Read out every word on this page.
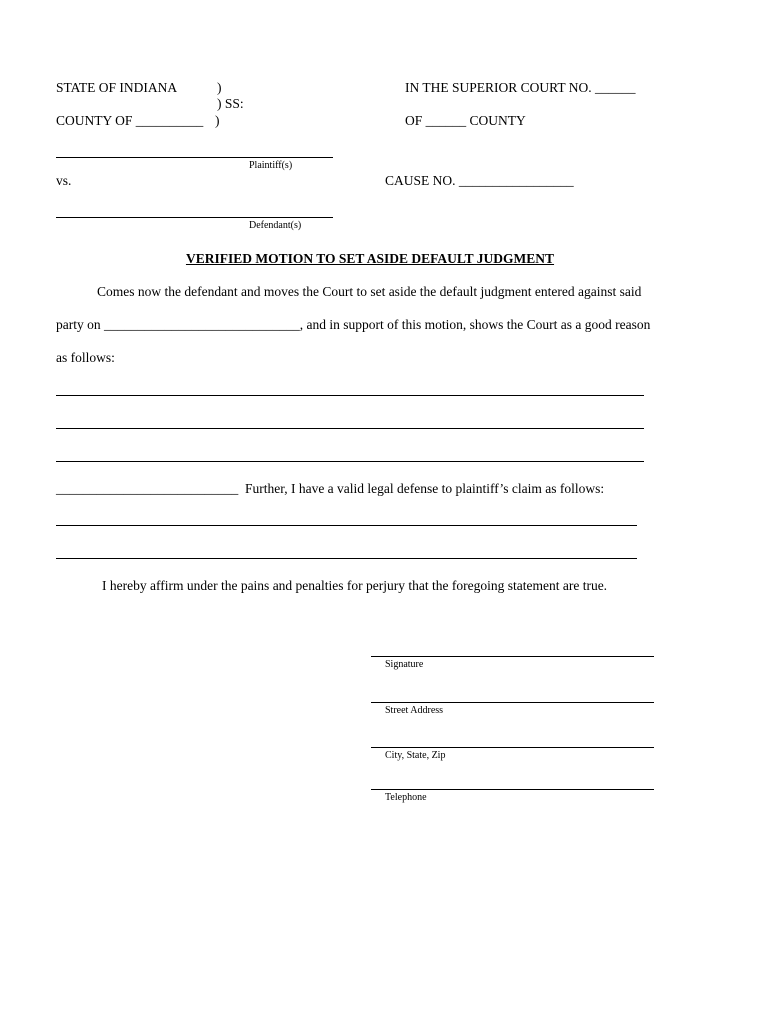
STATE OF INDIANA	)
) SS:
COUNTY OF __________ )
IN THE SUPERIOR COURT NO. ______
OF ______ COUNTY
Plaintiff(s)
vs.	CAUSE NO. _________________
Defendant(s)
VERIFIED MOTION TO SET ASIDE DEFAULT JUDGMENT
Comes now the defendant and moves the Court to set aside the default judgment entered against said
party on _____________________________, and in support of this motion, shows the Court as a good reason
as follows:
___________________________  Further, I have a valid legal defense to plaintiff’s claim as follows:
I hereby affirm under the pains and penalties for perjury that the foregoing statement are true.
Signature
Street Address
City, State, Zip
Telephone
